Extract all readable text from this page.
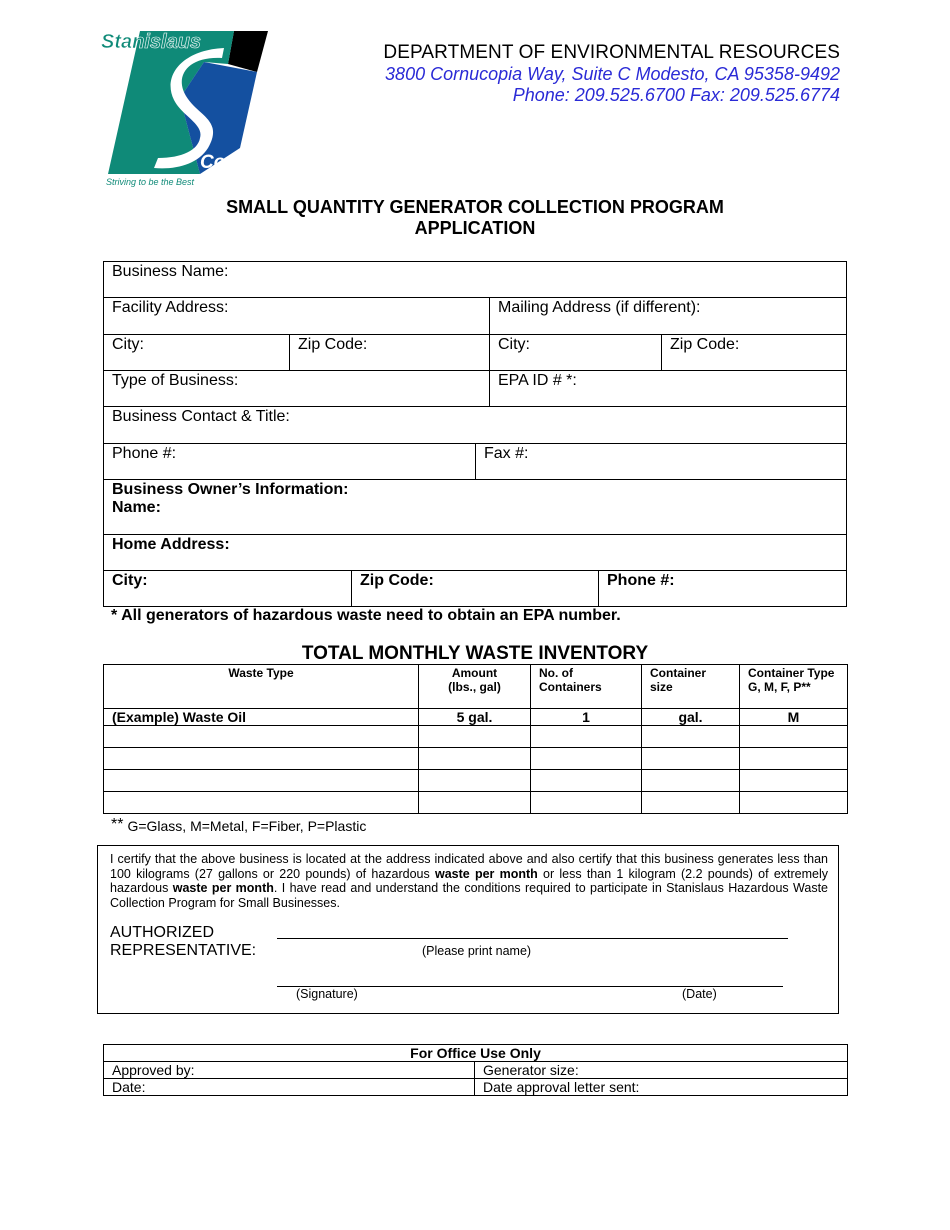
Stanislaus
County
Striving to be the Best
DEPARTMENT OF ENVIRONMENTAL RESOURCES
3800 Cornucopia Way, Suite C Modesto, CA 95358-9492
Phone: 209.525.6700 Fax: 209.525.6774
SMALL QUANTITY GENERATOR COLLECTION PROGRAM
APPLICATION
Business Name:
Facility Address:	Mailing Address (if different):
City:	Zip Code:	City:	Zip Code:
Type of Business:	EPA ID # *:
Business Contact & Title:
Phone #:	Fax #:
Business Owner’s Information:
Name:
Home Address:
City:	Zip Code:	Phone #:
* All generators of hazardous waste need to obtain an EPA number.
TOTAL MONTHLY WASTE INVENTORY
Waste Type	Amount (lbs., gal)	No. of Containers	Container size	Container Type G, M, F, P**
(Example) Waste Oil	5 gal.	1	gal.	M

** G=Glass, M=Metal, F=Fiber, P=Plastic
I certify that the above business is located at the address indicated above and also certify that this business generates less than 100 kilograms (27 gallons or 220 pounds) of hazardous waste per month or less than 1 kilogram (2.2 pounds) of extremely hazardous waste per month. I have read and understand the conditions required to participate in Stanislaus Hazardous Waste Collection Program for Small Businesses.
AUTHORIZED
REPRESENTATIVE:	(Please print name)
(Signature)	(Date)
For Office Use Only	
Approved by:	Generator size:
Date:	Date approval letter sent:
